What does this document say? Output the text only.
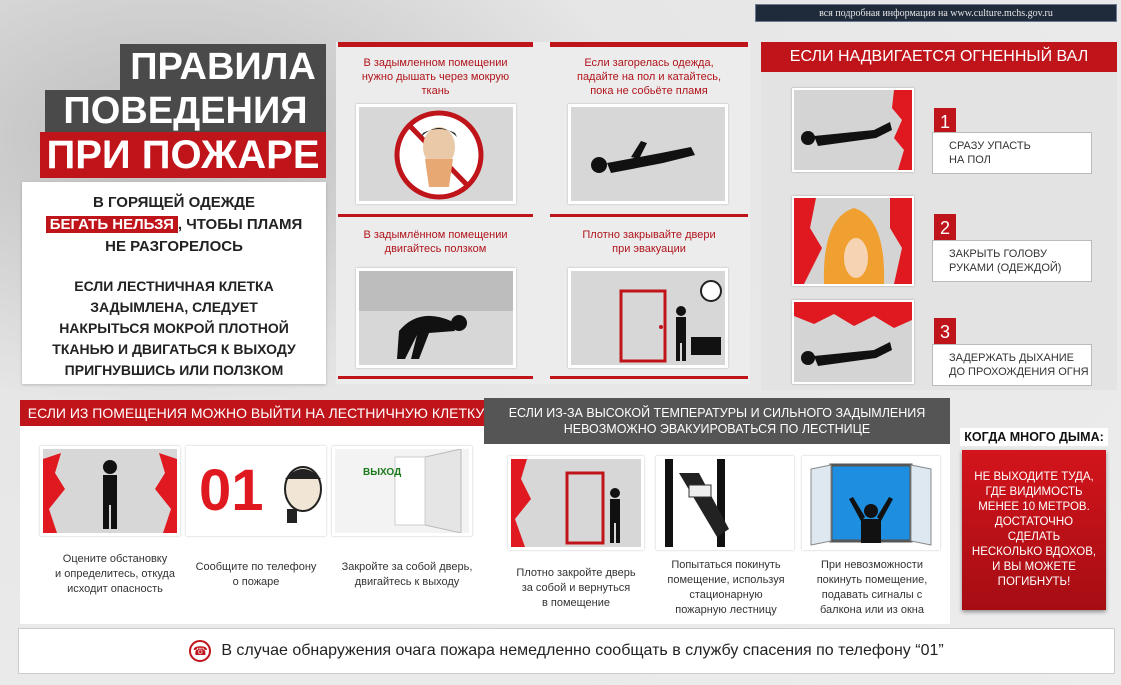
вся подробная информация на www.culture.mchs.gov.ru
ПРАВИЛА
ПОВЕДЕНИЯ
ПРИ ПОЖАРЕ
В ГОРЯЩЕЙ ОДЕЖДЕ
БЕГАТЬ НЕЛЬЗЯ , ЧТОБЫ ПЛАМЯ
НЕ РАЗГОРЕЛОСЬ
ЕСЛИ ЛЕСТНИЧНАЯ КЛЕТКА
ЗАДЫМЛЕНА, СЛЕДУЕТ
НАКРЫТЬСЯ МОКРОЙ ПЛОТНОЙ
ТКАНЬЮ И ДВИГАТЬСЯ К ВЫХОДУ
ПРИГНУВШИСЬ ИЛИ ПОЛЗКОМ
В задымленном помещении
нужно дышать через мокрую
ткань
Если загорелась одежда,
падайте на пол и катайтесь,
пока не собьёте пламя
В задымлённом помещении
двигайтесь ползком
Плотно закрывайте двери
при эвакуации
ЕСЛИ НАДВИГАЕТСЯ ОГНЕННЫЙ ВАЛ
1
СРАЗУ УПАСТЬ
НА ПОЛ
2
ЗАКРЫТЬ ГОЛОВУ
РУКАМИ (ОДЕЖДОЙ)
3
ЗАДЕРЖАТЬ ДЫХАНИЕ
ДО ПРОХОЖДЕНИЯ ОГНЯ
ЕСЛИ ИЗ ПОМЕЩЕНИЯ МОЖНО ВЫЙТИ НА ЛЕСТНИЧНУЮ КЛЕТКУ
01	ВЫХОД
Оцените обстановку
и определитесь, откуда
исходит опасность
Сообщите по телефону
о пожаре
Закройте за собой дверь,
двигайтесь к выходу
ЕСЛИ ИЗ-ЗА ВЫСОКОЙ ТЕМПЕРАТУРЫ И СИЛЬНОГО ЗАДЫМЛЕНИЯ
НЕВОЗМОЖНО ЭВАКУИРОВАТЬСЯ ПО ЛЕСТНИЦЕ
Плотно закройте дверь
за собой и вернуться
в помещение
Попытаться покинуть
помещение, используя
стационарную
пожарную лестницу
При невозможности
покинуть помещение,
подавать сигналы с
балкона или из окна
КОГДА МНОГО ДЫМА:
НЕ ВЫХОДИТЕ ТУДА,
ГДЕ ВИДИМОСТЬ
МЕНЕЕ 10 МЕТРОВ.
ДОСТАТОЧНО СДЕЛАТЬ
НЕСКОЛЬКО ВДОХОВ,
И ВЫ МОЖЕТЕ
ПОГИБНУТЬ!
☎ В случае обнаружения очага пожара немедленно сообщать в службу спасения по телефону “01”
